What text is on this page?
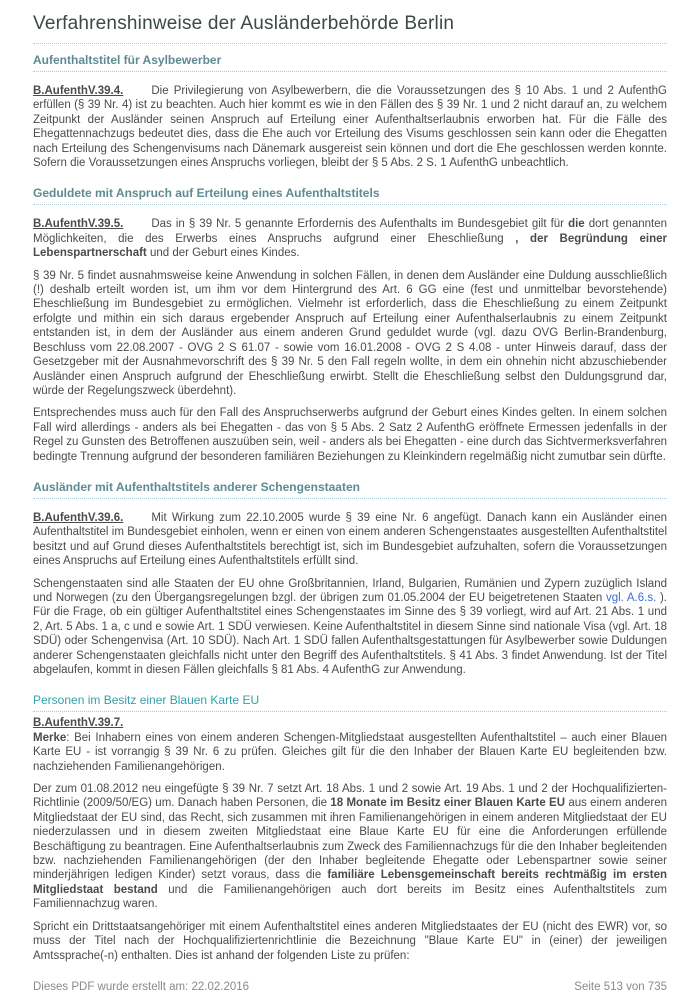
Verfahrenshinweise der Ausländerbehörde Berlin
Aufenthaltstitel für Asylbewerber

B.AufenthV.39.4. Die Privilegierung von Asylbewerbern, die die Voraussetzungen des § 10 Abs. 1 und 2 AufenthG erfüllen (§ 39 Nr. 4) ist zu beachten. Auch hier kommt es wie in den Fällen des § 39 Nr. 1 und 2 nicht darauf an, zu welchem Zeitpunkt der Ausländer seinen Anspruch auf Erteilung einer Aufenthaltserlaubnis erworben hat. Für die Fälle des Ehegattennachzugs bedeutet dies, dass die Ehe auch vor Erteilung des Visums geschlossen sein kann oder die Ehegatten nach Erteilung des Schengenvisums nach Dänemark ausgereist sein können und dort die Ehe geschlossen werden konnte. Sofern die Voraussetzungen eines Anspruchs vorliegen, bleibt der § 5 Abs. 2 S. 1 AufenthG unbeachtlich.

Geduldete mit Anspruch auf Erteilung eines Aufenthaltstitels

B.AufenthV.39.5. Das in § 39 Nr. 5 genannte Erfordernis des Aufenthalts im Bundesgebiet gilt für die dort genannten Möglichkeiten, die des Erwerbs eines Anspruchs aufgrund einer Eheschließung , der Begründung einer Lebenspartnerschaft und der Geburt eines Kindes.

§ 39 Nr. 5 findet ausnahmsweise keine Anwendung in solchen Fällen, in denen dem Ausländer eine Duldung ausschließlich (!) deshalb erteilt worden ist, um ihm vor dem Hintergrund des Art. 6 GG eine (fest und unmittelbar bevorstehende) Eheschließung im Bundesgebiet zu ermöglichen. Vielmehr ist erforderlich, dass die Eheschließung zu einem Zeitpunkt erfolgte und mithin ein sich daraus ergebender Anspruch auf Erteilung einer Aufenthalserlaubnis zu einem Zeitpunkt entstanden ist, in dem der Ausländer aus einem anderen Grund geduldet wurde (vgl. dazu OVG Berlin-Brandenburg, Beschluss vom 22.08.2007 - OVG 2 S 61.07 - sowie vom 16.01.2008 - OVG 2 S 4.08 - unter Hinweis darauf, dass der Gesetzgeber mit der Ausnahmevorschrift des § 39 Nr. 5 den Fall regeln wollte, in dem ein ohnehin nicht abzuschiebender Ausländer einen Anspruch aufgrund der Eheschließung erwirbt. Stellt die Eheschließung selbst den Duldungsgrund dar, würde der Regelungszweck überdehnt).

Entsprechendes muss auch für den Fall des Anspruchserwerbs aufgrund der Geburt eines Kindes gelten. In einem solchen Fall wird allerdings - anders als bei Ehegatten - das von § 5 Abs. 2 Satz 2 AufenthG eröffnete Ermessen jedenfalls in der Regel zu Gunsten des Betroffenen auszuüben sein, weil - anders als bei Ehegatten - eine durch das Sichtvermerksverfahren bedingte Trennung aufgrund der besonderen familiären Beziehungen zu Kleinkindern regelmäßig nicht zumutbar sein dürfte.

Ausländer mit Aufenthaltstitels anderer Schengenstaaten

B.AufenthV.39.6. Mit Wirkung zum 22.10.2005 wurde § 39 eine Nr. 6 angefügt. Danach kann ein Ausländer einen Aufenthaltstitel im Bundesgebiet einholen, wenn er einen von einem anderen Schengenstaates ausgestellten Aufenthaltstitel besitzt und auf Grund dieses Aufenthaltstitels berechtigt ist, sich im Bundesgebiet aufzuhalten, sofern die Voraussetzungen eines Anspruchs auf Erteilung eines Aufenthaltstitels erfüllt sind.

Schengenstaaten sind alle Staaten der EU ohne Großbritannien, Irland, Bulgarien, Rumänien und Zypern zuzüglich Island und Norwegen (zu den Übergangsregelungen bzgl. der übrigen zum 01.05.2004 der EU beigetretenen Staaten vgl. A.6.s. ). Für die Frage, ob ein gültiger Aufenthaltstitel eines Schengenstaates im Sinne des § 39 vorliegt, wird auf Art. 21 Abs. 1 und 2, Art. 5 Abs. 1 a, c und e sowie Art. 1 SDÜ verwiesen. Keine Aufenthaltstitel in diesem Sinne sind nationale Visa (vgl. Art. 18 SDÜ) oder Schengenvisa (Art. 10 SDÜ). Nach Art. 1 SDÜ fallen Aufenthaltsgestattungen für Asylbewerber sowie Duldungen anderer Schengenstaaten gleichfalls nicht unter den Begriff des Aufenthaltstitels. § 41 Abs. 3 findet Anwendung. Ist der Titel abgelaufen, kommt in diesen Fällen gleichfalls § 81 Abs. 4 AufenthG zur Anwendung.

Personen im Besitz einer Blauen Karte EU

B.AufenthV.39.7.
Merke: Bei Inhabern eines von einem anderen Schengen-Mitgliedstaat ausgestellten Aufenthaltstitel – auch einer Blauen Karte EU - ist vorrangig § 39 Nr. 6 zu prüfen. Gleiches gilt für die den Inhaber der Blauen Karte EU begleitenden bzw. nachziehenden Familienangehörigen.

Der zum 01.08.2012 neu eingefügte § 39 Nr. 7 setzt Art. 18 Abs. 1 und 2 sowie Art. 19 Abs. 1 und 2 der Hochqualifizierten-Richtlinie (2009/50/EG) um. Danach haben Personen, die 18 Monate im Besitz einer Blauen Karte EU aus einem anderen Mitgliedstaat der EU sind, das Recht, sich zusammen mit ihren Familienangehörigen in einem anderen Mitgliedstaat der EU niederzulassen und in diesem zweiten Mitgliedstaat eine Blaue Karte EU für eine die Anforderungen erfüllende Beschäftigung zu beantragen. Eine Aufenthaltserlaubnis zum Zweck des Familiennachzugs für die den Inhaber begleitenden bzw. nachziehenden Familienangehörigen (der den Inhaber begleitende Ehegatte oder Lebenspartner sowie seiner minderjährigen ledigen Kinder) setzt voraus, dass die familiäre Lebensgemeinschaft bereits rechtmäßig im ersten Mitgliedstaat bestand und die Familienangehörigen auch dort bereits im Besitz eines Aufenthaltstitels zum Familiennachzug waren.

Spricht ein Drittstaatsangehöriger mit einem Aufenthaltstitel eines anderen Mitgliedstaates der EU (nicht des EWR) vor, so muss der Titel nach der Hochqualifiziertenrichtlinie die Bezeichnung "Blaue Karte EU" in (einer) der jeweiligen Amtssprache(-n) enthalten. Dies ist anhand der folgenden Liste zu prüfen:

Dieses PDF wurde erstellt am: 22.02.2016	Seite 513 von 735
